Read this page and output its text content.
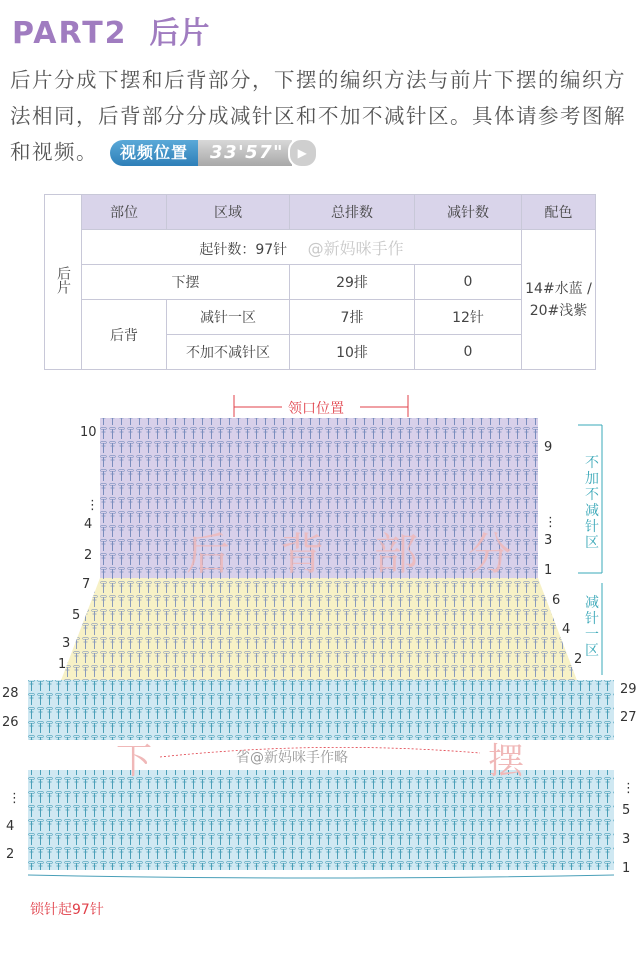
PART2 后片
后片分成下摆和后背部分，下摆的编织方法与前片下摆的编织方法相同，后背部分分成减针区和不加不减针区。具体请参考图解和视频。	视频位置	33'57"	▶
后片	部位	区域	总排数	减针数	配色
	起针数：97针 @新妈咪手作				14#水蓝 / 20#浅紫
	下摆		29排	0	
	后背	减针一区	7排	12针	
		不加不减针区	10排	0	
领口位置
后 背 部 分
下	摆
省@新妈咪手作略
锁针起97针
不加不减针区
减针一区
10
⋮
4
2
7
5
3
1
9
⋮
3
1
6
4
2
28
26
29
27
⋮
4
2
⋮
5
3
1
